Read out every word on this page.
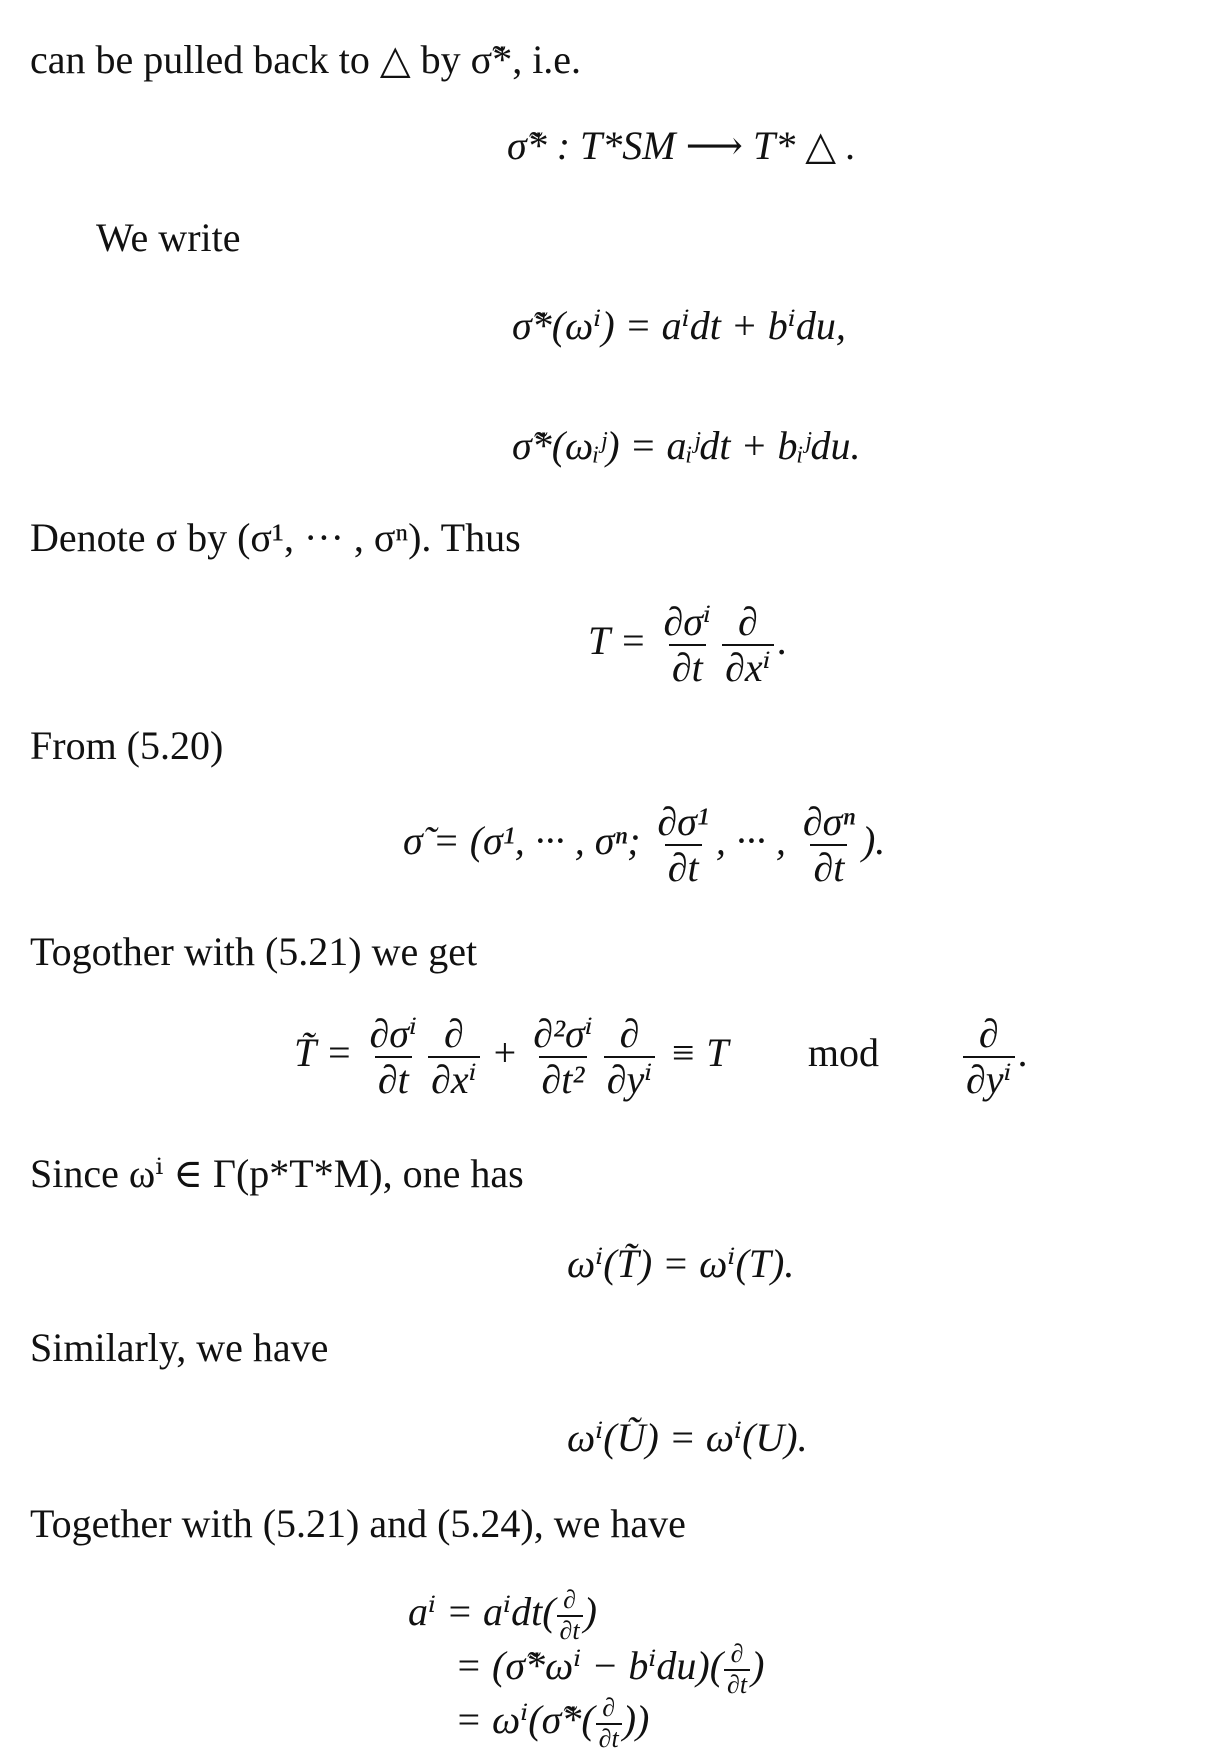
can be pulled back to △ by σ̃*, i.e.
σ̃* : T*SM ⟶ T* △ .
We write
σ̃*(ωⁱ) = aⁱdt + bⁱdu,
σ̃*(ωᵢʲ) = aᵢʲdt + bᵢʲdu.
Denote σ by (σ¹, ··· , σⁿ). Thus
$T = \frac{\text{∂σⁱ}}{\partial t} \frac{\partial}{\text{∂xⁱ}}$ .
From (5.20)
σ̃ = (σ¹, ··· , σⁿ; $\frac{\text{∂σ¹}}{\partial t}$ , ··· , $\frac{\text{∂σⁿ}}{\partial t}$ ).
Togother with (5.21) we get
T̃ = $\frac{\text{∂σⁱ}}{\partial t} \frac{\partial}{\text{∂xⁱ}} + \frac{\text{∂²σⁱ}}{\text{∂t²}} \frac{\partial}{\text{∂yⁱ}} \equiv T$ mod $\frac{\partial}{\text{∂yⁱ}}$ .
Since ωⁱ ∈ Γ(p*T*M), one has
ωⁱ(T̃) = ωⁱ(T).
Similarly, we have
ωⁱ(Ũ) = ωⁱ(U).
Together with (5.21) and (5.24), we have
$a^i = a^idt( \frac{\partial}{\partial t}$ )
= (σ̃*ωⁱ − $b^idu)( \frac{\partial}{\partial t}$ )
= ωⁱ(σ̃*( $\frac{\partial}{\partial t}$ ))
